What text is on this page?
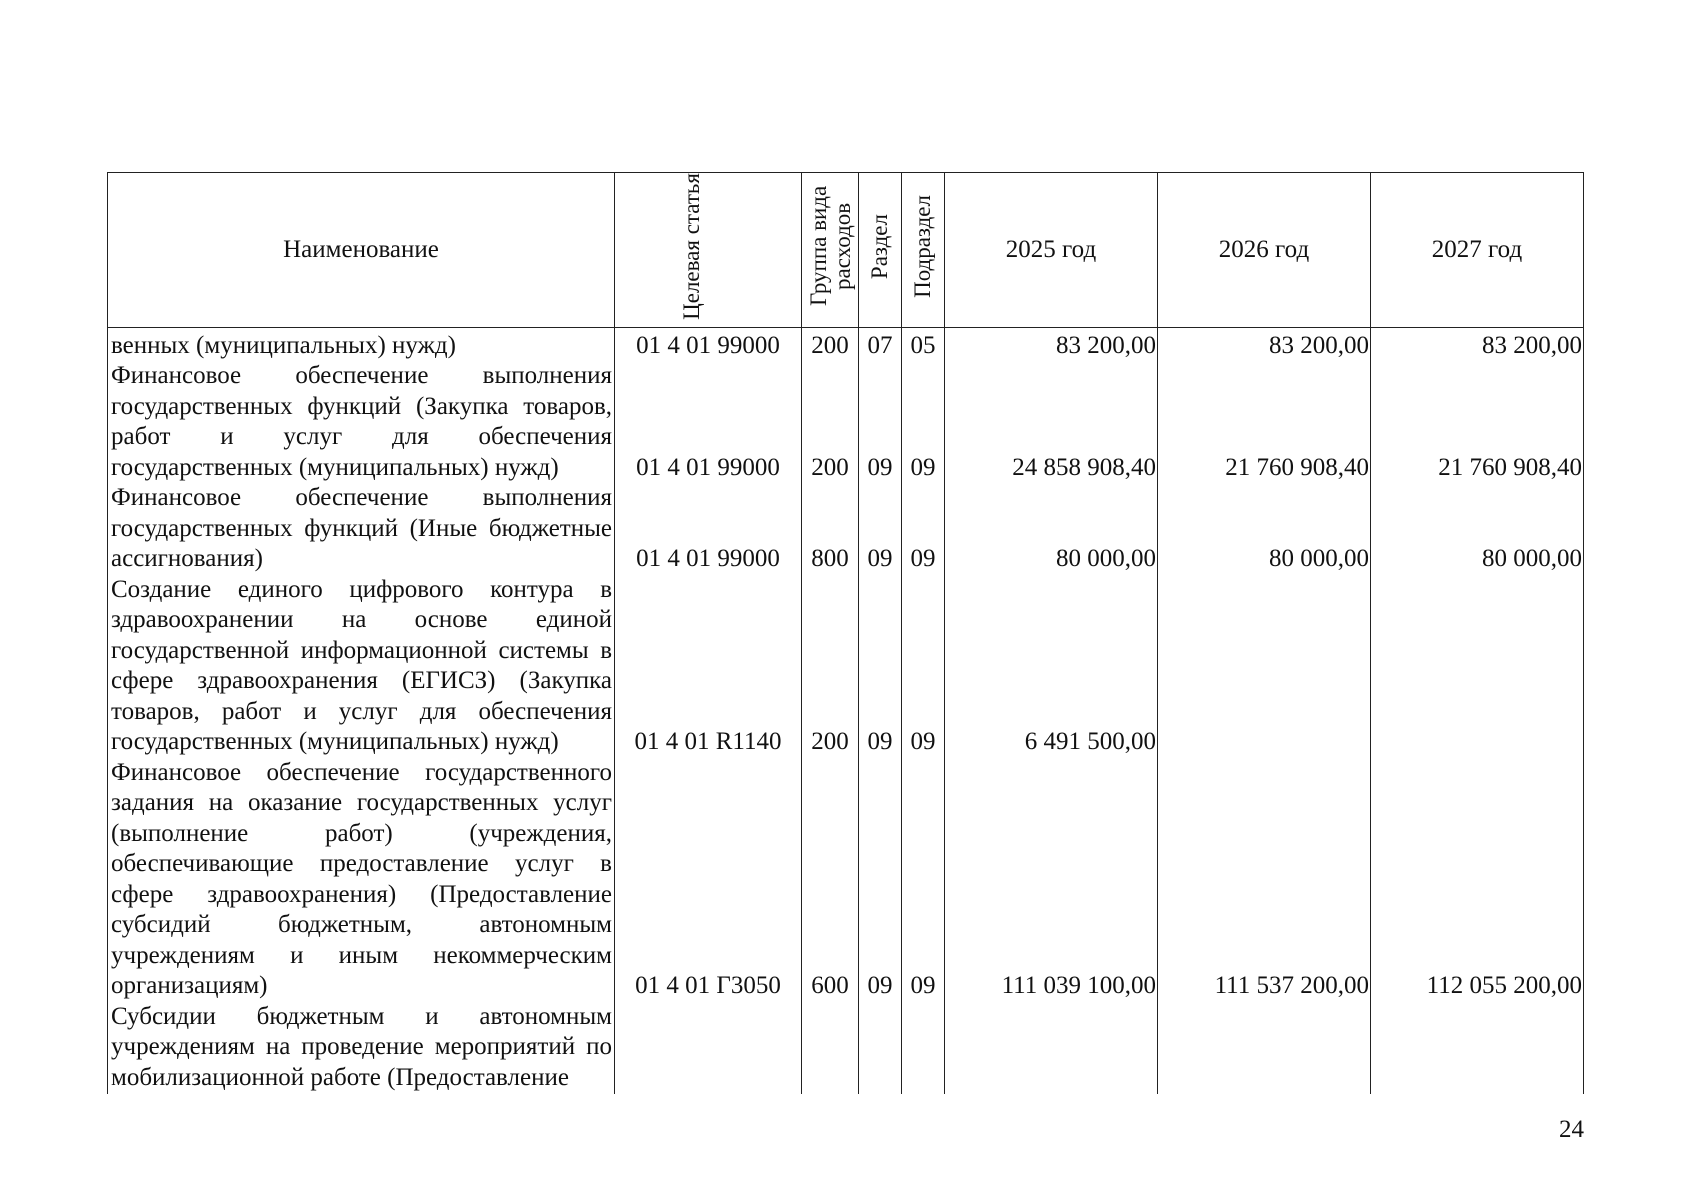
Наименование	Целевая статья	Группа вида расходов	Раздел	Подраздел	2025 год	2026 год	2027 год
венных (муниципальных) нужд)	01 4 01 99000	200	07	05	83 200,00	83 200,00	83 200,00
Финансовое обеспечение выполнения государственных функций (Закупка товаров, работ и услуг для обеспечения государственных (муниципальных) нужд)	01 4 01 99000	200	09	09	24 858 908,40	21 760 908,40	21 760 908,40
Финансовое обеспечение выполнения государственных функций (Иные бюджетные ассигнования)	01 4 01 99000	800	09	09	80 000,00	80 000,00	80 000,00
Создание единого цифрового контура в здравоохранении на основе единой государственной информационной системы в сфере здравоохранения (ЕГИСЗ) (Закупка товаров, работ и услуг для обеспечения государственных (муниципальных) нужд)	01 4 01 R1140	200	09	09	6 491 500,00		
Финансовое обеспечение государственного задания на оказание государственных услуг (выполнение работ) (учреждения, обеспечивающие предоставление услуг в сфере здравоохранения) (Предоставление субсидий бюджетным, автономным учреждениям и иным некоммерческим организациям)	01 4 01 Г3050	600	09	09	111 039 100,00	111 537 200,00	112 055 200,00
Субсидии бюджетным и автономным учреждениям на проведение мероприятий по мобилизационной работе (Предоставление							
24
